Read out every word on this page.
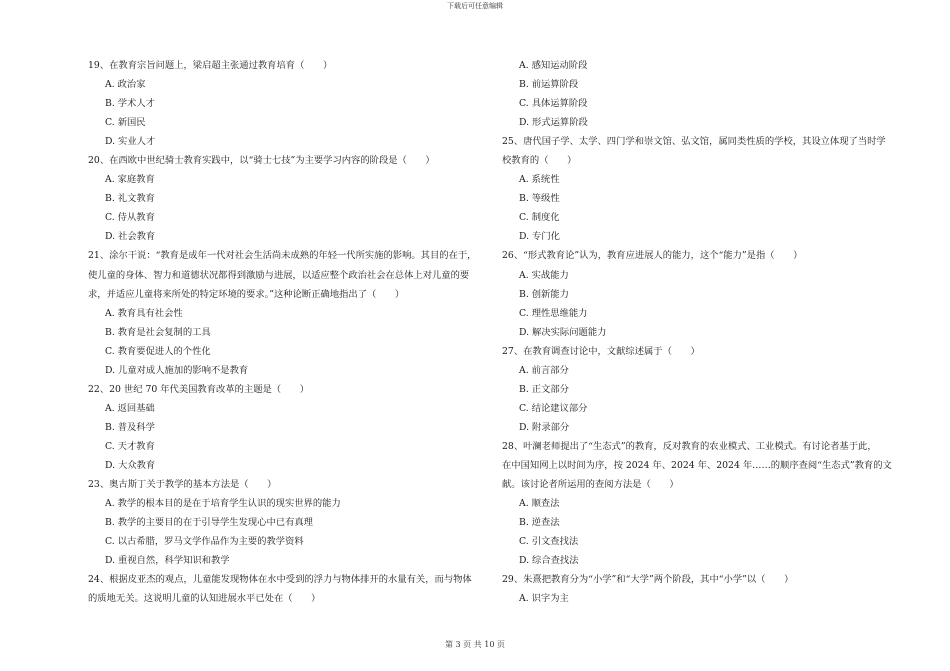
下载后可任意编辑
19、在教育宗旨问题上，梁启超主张通过教育培育（　　）
A. 政治家
B. 学术人才
C. 新国民
D. 实业人才
20、在西欧中世纪骑士教育实践中，以“骑士七技”为主要学习内容的阶段是（　　）
A. 家庭教育
B. 礼文教育
C. 侍从教育
D. 社会教育
21、涂尔干说：“教育是成年一代对社会生活尚未成熟的年轻一代所实施的影响。其目的在于，
使儿童的身体、智力和道德状况都得到激励与进展，以适应整个政治社会在总体上对儿童的要
求，并适应儿童将来所处的特定环境的要求。”这种论断正确地指出了（　　）
A. 教育具有社会性
B. 教育是社会复制的工具
C. 教育要促进人的个性化
D. 儿童对成人施加的影响不是教育
22、20 世纪 70 年代美国教育改革的主题是（　　）
A. 返回基础
B. 普及科学
C. 天才教育
D. 大众教育
23、奥古斯丁关于教学的基本方法是（　　）
A. 教学的根本目的是在于培育学生认识的现实世界的能力
B. 教学的主要目的在于引导学生发现心中已有真理
C. 以古希腊，罗马文学作品作为主要的教学资料
D. 重视自然，科学知识和教学
24、根据皮亚杰的观点，儿童能发现物体在水中受到的浮力与物体排开的水量有关，而与物体
的质地无关。这说明儿童的认知进展水平已处在（　　）
A. 感知运动阶段
B. 前运算阶段
C. 具体运算阶段
D. 形式运算阶段
25、唐代国子学、太学、四门学和崇文馆、弘文馆，属同类性质的学校，其设立体现了当时学
校教育的（　　）
A. 系统性
B. 等级性
C. 制度化
D. 专门化
26、“形式教育论”认为，教育应进展人的能力，这个“能力”是指（　　）
A. 实战能力
B. 创新能力
C. 理性思维能力
D. 解决实际问题能力
27、在教育调查讨论中，文献综述属于（　　）
A. 前言部分
B. 正文部分
C. 结论建议部分
D. 附录部分
28、叶澜老师提出了“生态式”的教育，反对教育的农业模式、工业模式。有讨论者基于此，
在中国知网上以时间为序，按 2024 年、2024 年、2024 年……的顺序查阅“生态式”教育的文
献。该讨论者所运用的查阅方法是（　　）
A. 顺查法
B. 逆查法
C. 引文查找法
D. 综合查找法
29、朱熹把教育分为“小学”和“大学”两个阶段，其中“小学”以（　　）
A. 识字为主
第 3 页 共 10 页
